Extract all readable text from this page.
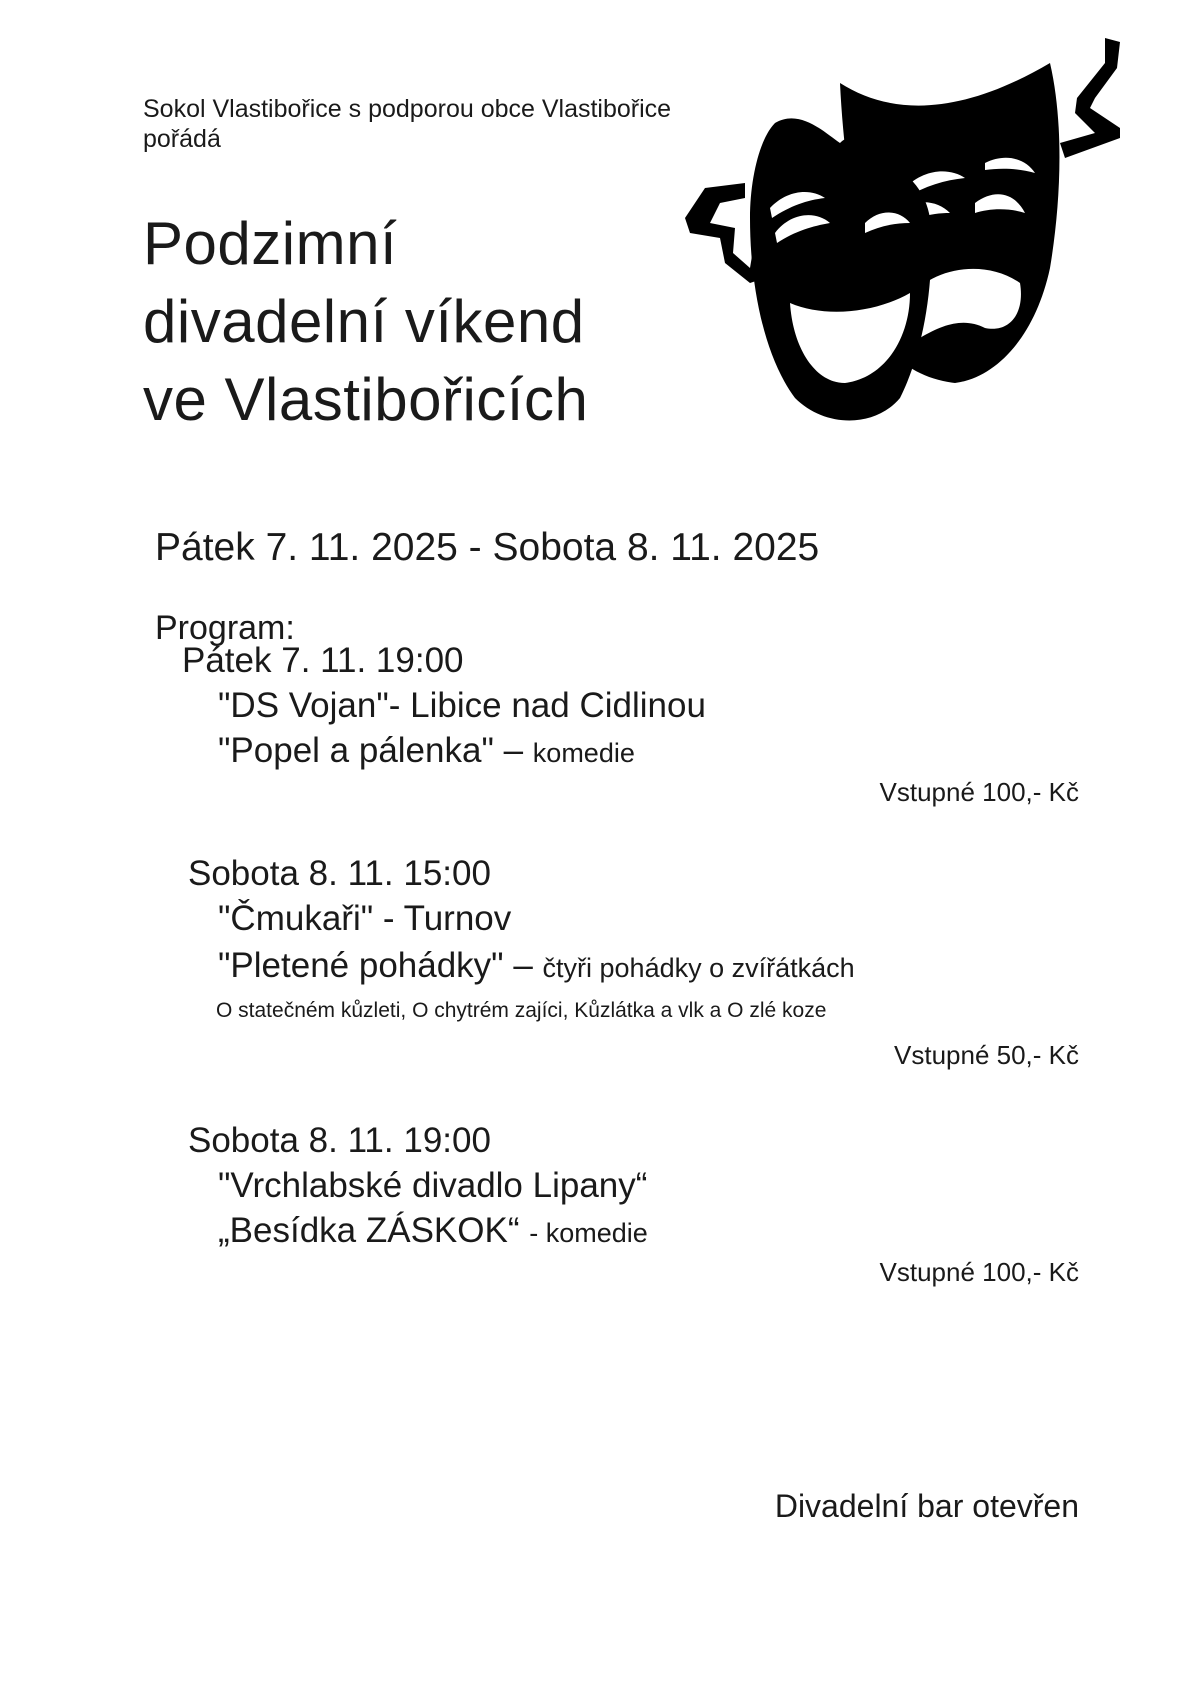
Sokol Vlastibořice s podporou obce Vlastibořice
pořádá
Podzimní
divadelní víkend
ve Vlastibořicích
Pátek 7. 11. 2025 - Sobota 8. 11. 2025
Program:
Pátek 7. 11. 19:00
"DS Vojan"- Libice nad Cidlinou
"Popel a pálenka" – komedie
Vstupné 100,- Kč
Sobota 8. 11. 15:00
"Čmukaři" - Turnov
"Pletené pohádky" – čtyři pohádky o zvířátkách
O statečném kůzleti, O chytrém zajíci, Kůzlátka a vlk a O zlé koze
Vstupné 50,- Kč
Sobota 8. 11. 19:00
"Vrchlabské divadlo Lipany“
„Besídka ZÁSKOK“ - komedie
Vstupné 100,- Kč
Divadelní bar otevřen
